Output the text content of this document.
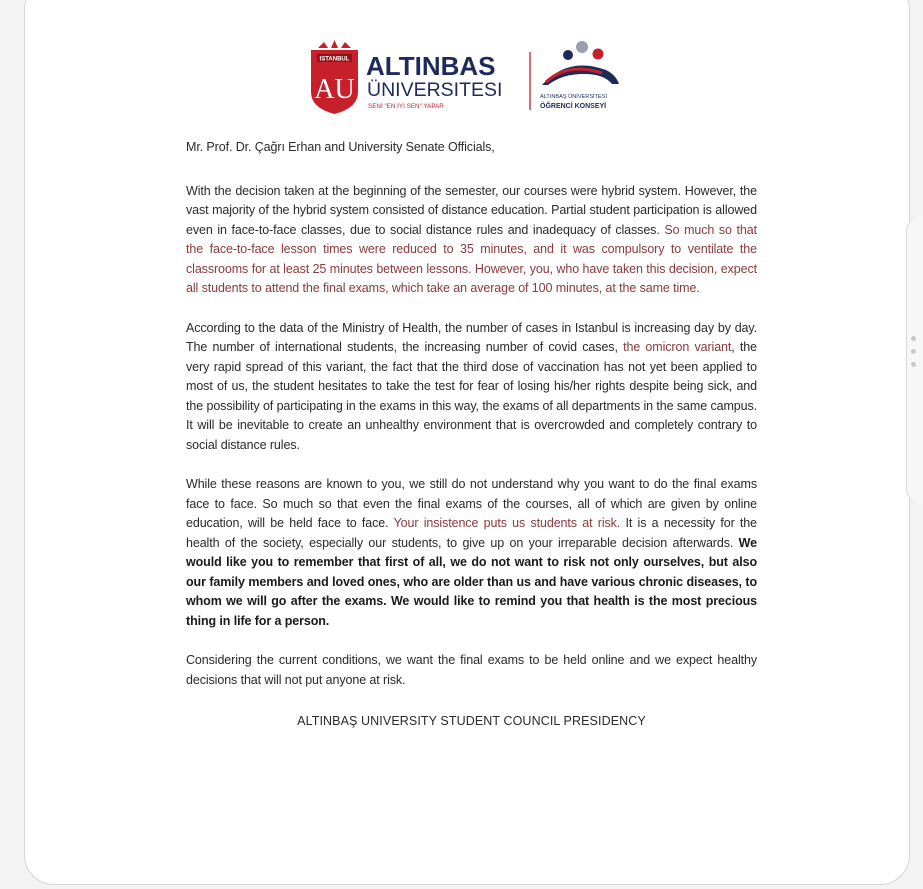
ISTANBUL
AU
ALTINBAS
ÜNIVERSITESI
SENİ "EN İYİ SEN" YAPAR
ALTINBAŞ ÜNİVERSİTESİ
ÖĞRENCİ KONSEYİ

Mr. Prof. Dr. Çağrı Erhan and University Senate Officials,

With the decision taken at the beginning of the semester, our courses were hybrid system. However, the vast majority of the hybrid system consisted of distance education. Partial student participation is allowed even in face-to-face classes, due to social distance rules and inadequacy of classes. So much so that the face-to-face lesson times were reduced to 35 minutes, and it was compulsory to ventilate the classrooms for at least 25 minutes between lessons. However, you, who have taken this decision, expect all students to attend the final exams, which take an average of 100 minutes, at the same time.

According to the data of the Ministry of Health, the number of cases in Istanbul is increasing day by day. The number of international students, the increasing number of covid cases, the omicron variant, the very rapid spread of this variant, the fact that the third dose of vaccination has not yet been applied to most of us, the student hesitates to take the test for fear of losing his/her rights despite being sick, and the possibility of participating in the exams in this way, the exams of all departments in the same campus. It will be inevitable to create an unhealthy environment that is overcrowded and completely contrary to social distance rules.

While these reasons are known to you, we still do not understand why you want to do the final exams face to face. So much so that even the final exams of the courses, all of which are given by online education, will be held face to face. Your insistence puts us students at risk. It is a necessity for the health of the society, especially our students, to give up on your irreparable decision afterwards. We would like you to remember that first of all, we do not want to risk not only ourselves, but also our family members and loved ones, who are older than us and have various chronic diseases, to whom we will go after the exams. We would like to remind you that health is the most precious thing in life for a person.

Considering the current conditions, we want the final exams to be held online and we expect healthy decisions that will not put anyone at risk.

ALTINBAŞ UNIVERSITY STUDENT COUNCIL PRESIDENCY
